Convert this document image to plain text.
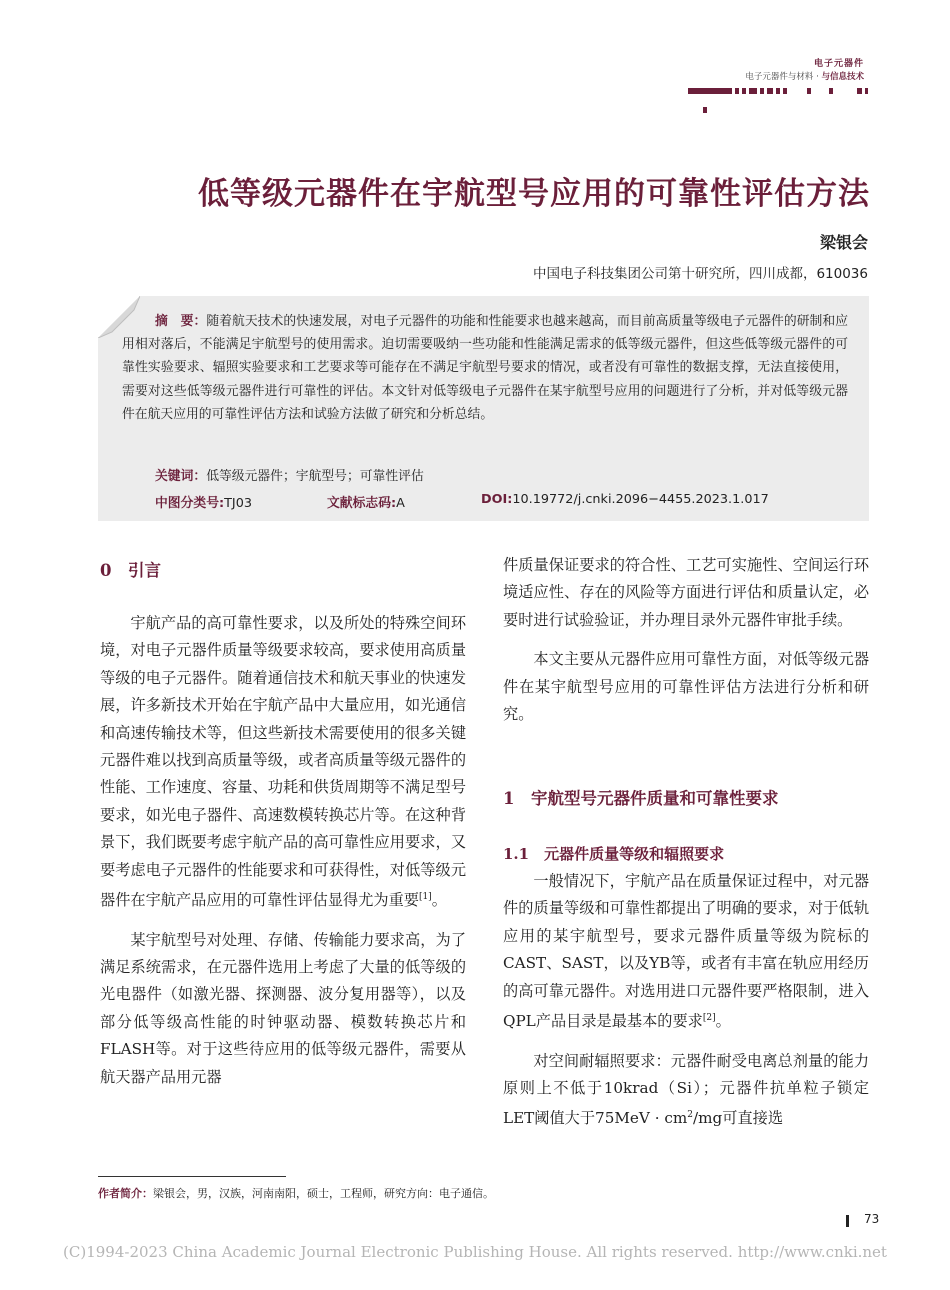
电子元器件
电子元器件与材料 · 与信息技术
低等级元器件在宇航型号应用的可靠性评估方法
梁银会
中国电子科技集团公司第十研究所，四川成都，610036
摘　要：随着航天技术的快速发展，对电子元器件的功能和性能要求也越来越高，而目前高质量等级电子元器件的研制和应用相对落后，不能满足宇航型号的使用需求。迫切需要吸纳一些功能和性能满足需求的低等级元器件，但这些低等级元器件的可靠性实验要求、辐照实验要求和工艺要求等可能存在不满足宇航型号要求的情况，或者没有可靠性的数据支撑，无法直接使用，需要对这些低等级元器件进行可靠性的评估。本文针对低等级电子元器件在某宇航型号应用的问题进行了分析，并对低等级元器件在航天应用的可靠性评估方法和试验方法做了研究和分析总结。
关键词：低等级元器件；宇航型号；可靠性评估
中图分类号:TJ03	文献标志码:A	DOI:10.19772/j.cnki.2096−4455.2023.1.017
0　引言

宇航产品的高可靠性要求，以及所处的特殊空间环境，对电子元器件质量等级要求较高，要求使用高质量等级的电子元器件。随着通信技术和航天事业的快速发展，许多新技术开始在宇航产品中大量应用，如光通信和高速传输技术等，但这些新技术需要使用的很多关键元器件难以找到高质量等级，或者高质量等级元器件的性能、工作速度、容量、功耗和供货周期等不满足型号要求，如光电子器件、高速数模转换芯片等。在这种背景下，我们既要考虑宇航产品的高可靠性应用要求，又要考虑电子元器件的性能要求和可获得性，对低等级元器件在宇航产品应用的可靠性评估显得尤为重要[1]。

某宇航型号对处理、存储、传输能力要求高，为了满足系统需求，在元器件选用上考虑了大量的低等级的光电器件（如激光器、探测器、波分复用器等），以及部分低等级高性能的时钟驱动器、模数转换芯片和FLASH等。对于这些待应用的低等级元器件，需要从航天器产品用元器

件质量保证要求的符合性、工艺可实施性、空间运行环境适应性、存在的风险等方面进行评估和质量认定，必要时进行试验验证，并办理目录外元器件审批手续。

本文主要从元器件应用可靠性方面，对低等级元器件在某宇航型号应用的可靠性评估方法进行分析和研究。

1　宇航型号元器件质量和可靠性要求
1.1　元器件质量等级和辐照要求

一般情况下，宇航产品在质量保证过程中，对元器件的质量等级和可靠性都提出了明确的要求，对于低轨应用的某宇航型号，要求元器件质量等级为院标的CAST、SAST，以及YB等，或者有丰富在轨应用经历的高可靠元器件。对选用进口元器件要严格限制，进入QPL产品目录是最基本的要求[2]。

对空间耐辐照要求：元器件耐受电离总剂量的能力原则上不低于10krad（Si）；元器件抗单粒子锁定LET阈值大于$75MeV \cdot cm^2/mg$可直接选

作者简介：梁银会，男，汉族，河南南阳，硕士，工程师，研究方向：电子通信。
73
(C)1994-2023 China Academic Journal Electronic Publishing House. All rights reserved. http://www.cnki.net
